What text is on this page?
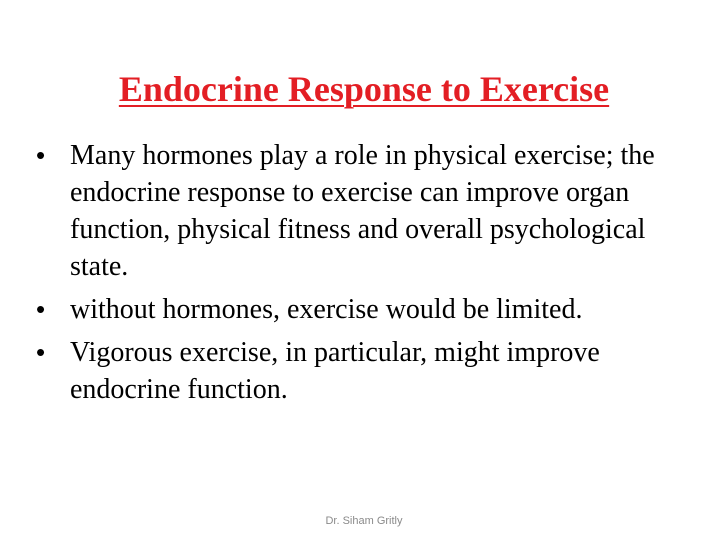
Endocrine Response to Exercise
• Many hormones play a role in physical exercise; the endocrine response to exercise can improve organ function, physical fitness and overall psychological state.
• without hormones, exercise would be limited.
• Vigorous exercise, in particular, might improve endocrine function.
Dr. Siham Gritly
